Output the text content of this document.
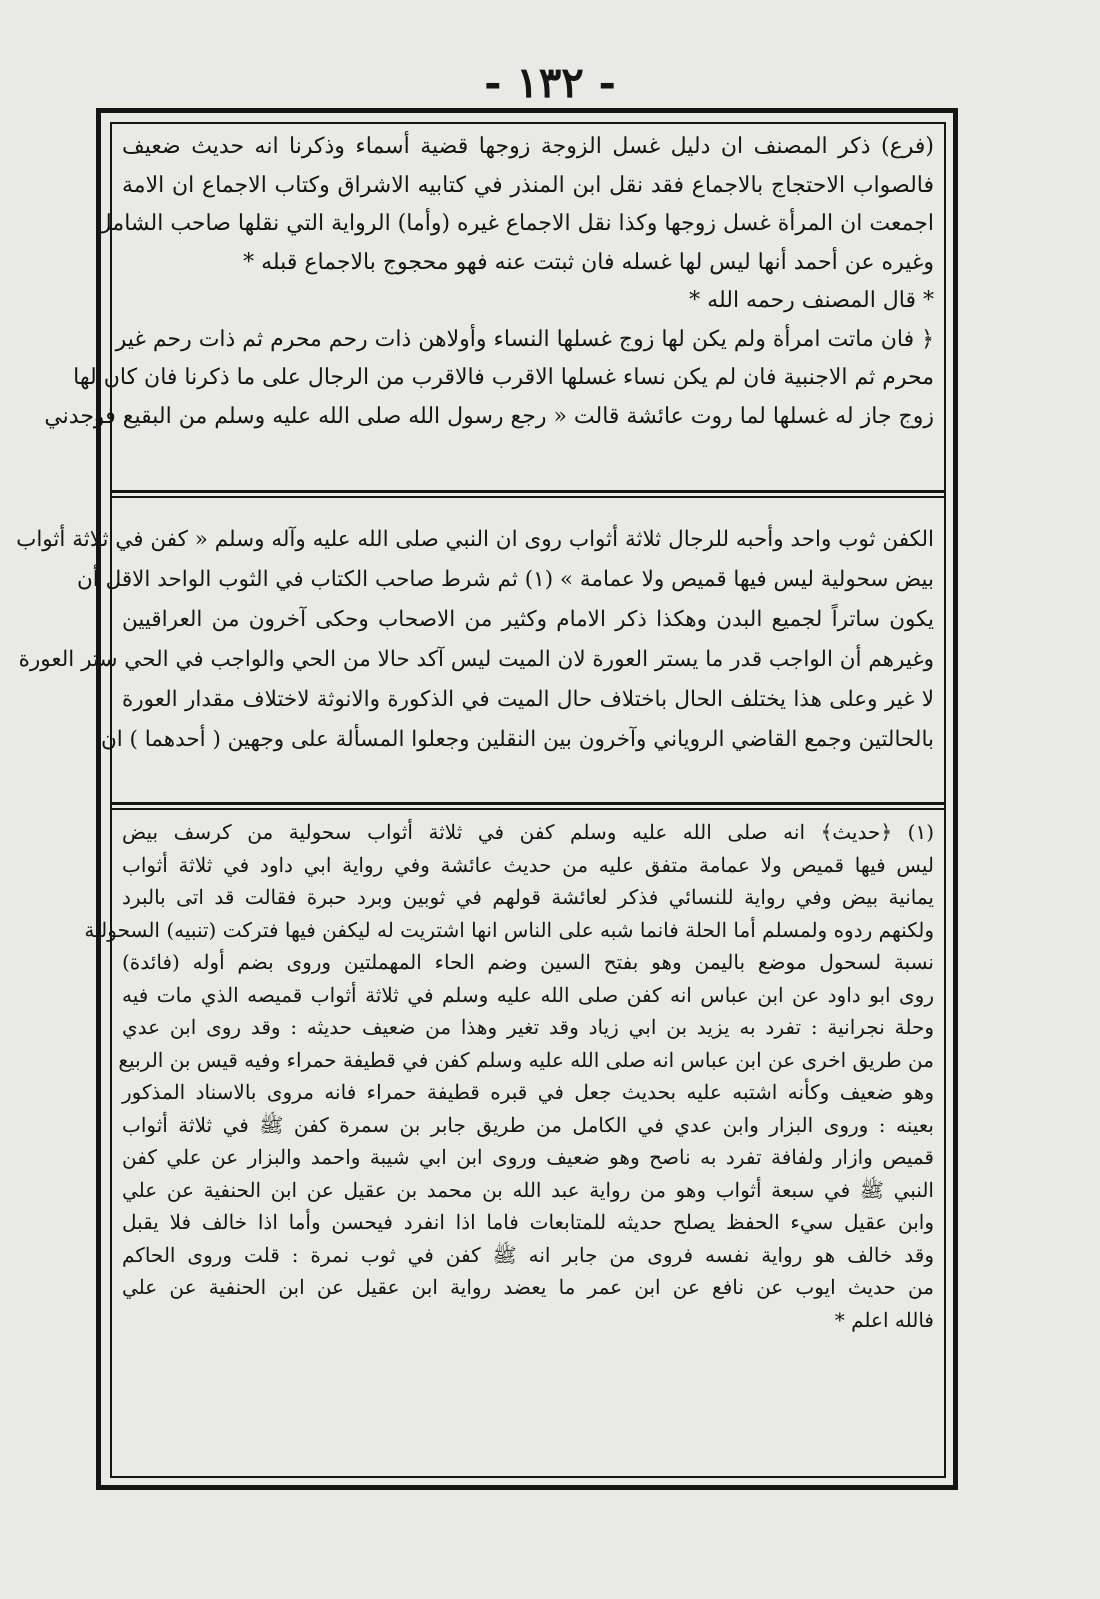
- ١٣٢ -
(فرع) ذكر المصنف ان دليل غسل الزوجة زوجها قضية أسماء وذكرنا انه حديث ضعيف
فالصواب الاحتجاج بالاجماع فقد نقل ابن المنذر في كتابيه الاشراق وكتاب الاجماع ان الامة
اجمعت ان المرأة غسل زوجها وكذا نقل الاجماع غيره (وأما) الرواية التي نقلها صاحب الشامل
وغيره عن أحمد أنها ليس لها غسله فان ثبتت عنه فهو محجوج بالاجماع قبله *
* قال المصنف رحمه الله *
﴿ فان ماتت امرأة ولم يكن لها زوج غسلها النساء وأولاهن ذات رحم محرم ثم ذات رحم غير
محرم ثم الاجنبية فان لم يكن نساء غسلها الاقرب فالاقرب من الرجال على ما ذكرنا فان كان لها
زوج جاز له غسلها لما روت عائشة قالت « رجع رسول الله صلى الله عليه وسلم من البقيع فوجدني
الكفن ثوب واحد وأحبه للرجال ثلاثة أثواب روى ان النبي صلى الله عليه وآله وسلم « كفن في ثلاثة أثواب
بيض سحولية ليس فيها قميص ولا عمامة » (١) ثم شرط صاحب الكتاب في الثوب الواحد الاقل أن
يكون ساتراً لجميع البدن وهكذا ذكر الامام وكثير من الاصحاب وحكى آخرون من العراقيين
وغيرهم أن الواجب قدر ما يستر العورة لان الميت ليس آكد حالا من الحي والواجب في الحي ستر العورة
لا غير وعلى هذا يختلف الحال باختلاف حال الميت في الذكورة والانوثة لاختلاف مقدار العورة
بالحالتين وجمع القاضي الروياني وآخرون بين النقلين وجعلوا المسألة على وجهين ( أحدهما ) ان
(١) ﴿حديث﴾ انه صلى الله عليه وسلم كفن في ثلاثة أثواب سحولية من كرسف بيض
ليس فيها قميص ولا عمامة متفق عليه من حديث عائشة وفي رواية ابي داود في ثلاثة أثواب
يمانية بيض وفي رواية للنسائي فذكر لعائشة قولهم في ثوبين وبرد حبرة فقالت قد اتى بالبرد
ولكنهم ردوه ولمسلم أما الحلة فانما شبه على الناس انها اشتريت له ليكفن فيها فتركت (تنبيه) السحولية
نسبة لسحول موضع باليمن وهو بفتح السين وضم الحاء المهملتين وروى بضم أوله (فائدة)
روى ابو داود عن ابن عباس انه كفن صلى الله عليه وسلم في ثلاثة أثواب قميصه الذي مات فيه
وحلة نجرانية : تفرد به يزيد بن ابي زياد وقد تغير وهذا من ضعيف حديثه : وقد روى ابن عدي
من طريق اخرى عن ابن عباس انه صلى الله عليه وسلم كفن في قطيفة حمراء وفيه قيس بن الربيع
وهو ضعيف وكأنه اشتبه عليه بحديث جعل في قبره قطيفة حمراء فانه مروى بالاسناد المذكور
بعينه : وروى البزار وابن عدي في الكامل من طريق جابر بن سمرة كفن ﷺ في ثلاثة أثواب
قميص وازار ولفافة تفرد به ناصح وهو ضعيف وروى ابن ابي شيبة واحمد والبزار عن علي كفن
النبي ﷺ في سبعة أثواب وهو من رواية عبد الله بن محمد بن عقيل عن ابن الحنفية عن علي
وابن عقيل سيء الحفظ يصلح حديثه للمتابعات فاما اذا انفرد فيحسن وأما اذا خالف فلا يقبل
وقد خالف هو رواية نفسه فروى من جابر انه ﷺ كفن في ثوب نمرة : قلت وروى الحاكم
من حديث ايوب عن نافع عن ابن عمر ما يعضد رواية ابن عقيل عن ابن الحنفية عن علي
فالله اعلم *
